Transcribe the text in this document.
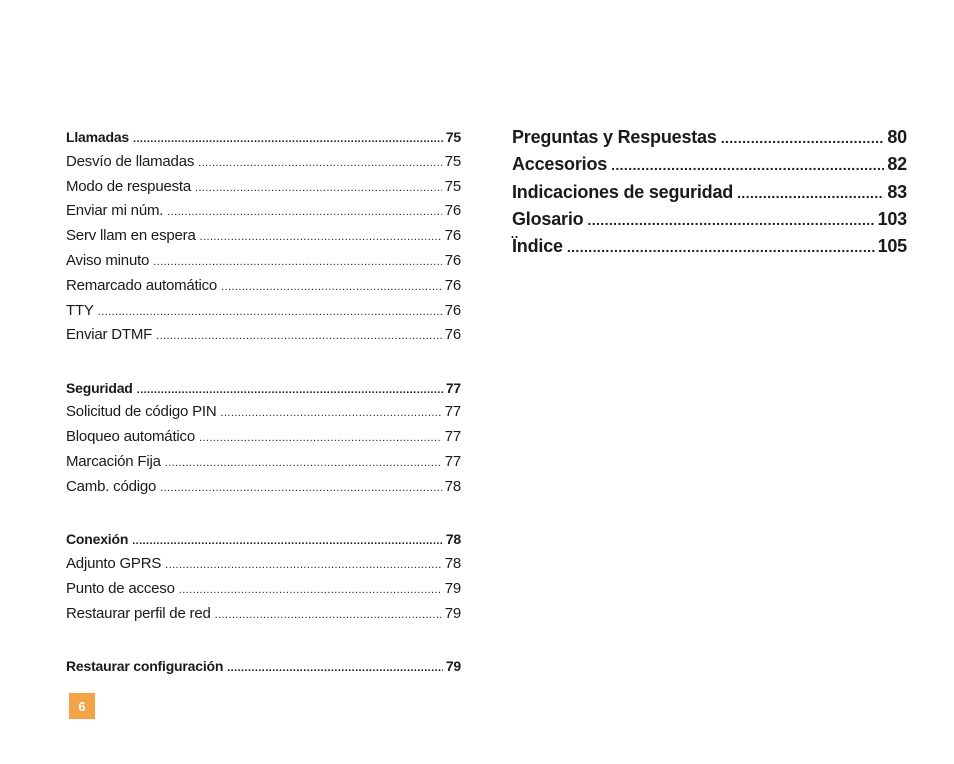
Llamadas .....	75
Desvío de llamadas .....	75
Modo de respuesta .....	75
Enviar mi núm. .....	76
Serv llam en espera .....	76
Aviso minuto .....	76
Remarcado automático .....	76
TTY .....	76
Enviar DTMF .....	76
Seguridad .....	77
Solicitud de código PIN .....	77
Bloqueo automático .....	77
Marcación Fija .....	77
Camb. código .....	78
Conexión .....	78
Adjunto GPRS .....	78
Punto de acceso .....	79
Restaurar perfil de red .....	79
Restaurar configuración .....	79
Preguntas y Respuestas .....	80
Accesorios .....	82
Indicaciones de seguridad .....	83
Glosario .....	103
Ïndice .....	105
6
